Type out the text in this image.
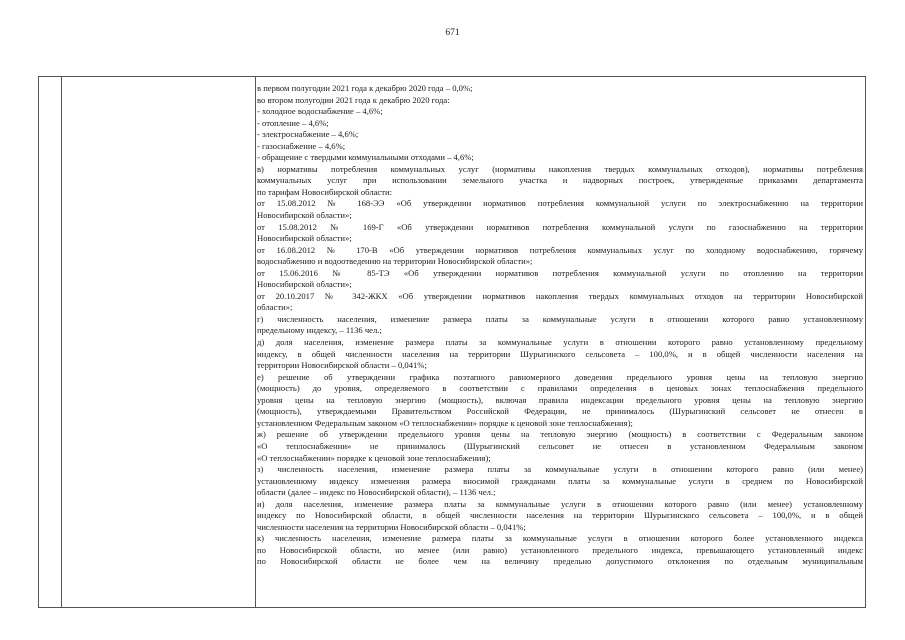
671
в первом полугодии 2021 года к декабрю 2020 года – 0,0%;
во втором полугодии 2021 года к декабрю 2020 года:
- холодное водоснабжение – 4,6%;
- отопление – 4,6%;
- электроснабжение – 4,6%;
- газоснабжение – 4,6%;
- обращение с твердыми коммунальными отходами – 4,6%;
в) нормативы потребления коммунальных услуг (нормативы накопления твердых коммунальных отходов), нормативы потребления
коммунальных услуг при использовании земельного участка и надворных построек, утвержденные приказами департамента
по тарифам Новосибирской области:
от 15.08.2012 № 168-ЭЭ «Об утверждении нормативов потребления коммунальной услуги по электроснабжению на территории
Новосибирской области»;
от 15.08.2012 № 169-Г «Об утверждении нормативов потребления коммунальной услуги по газоснабжению на территории
Новосибирской области»;
от 16.08.2012 № 170-В «Об утверждении нормативов потребления коммунальных услуг по холодному водоснабжению, горячему
водоснабжению и водоотведению на территории Новосибирской области»;
от 15.06.2016 № 85-ТЭ «Об утверждении нормативов потребления коммунальной услуги по отоплению на территории
Новосибирской области»;
от 20.10.2017 № 342-ЖКХ «Об утверждении нормативов накопления твердых коммунальных отходов на территории Новосибирской
области»;
г) численность населения, изменение размера платы за коммунальные услуги в отношении которого равно установленному
предельному индексу, – 1136 чел.;
д) доля населения, изменение размера платы за коммунальные услуги в отношении которого равно установленному предельному
индексу, в общей численности населения на территории Шурыгинского сельсовета – 100,0%, и в общей численности населения на
территории Новосибирской области – 0,041%;
е) решение об утверждении графика поэтапного равномерного доведения предельного уровня цены на тепловую энергию
(мощность) до уровня, определяемого в соответствии с правилами определения в ценовых зонах теплоснабжения предельного
уровня цены на тепловую энергию (мощность), включая правила индексации предельного уровня цены на тепловую энергию
(мощность), утверждаемыми Правительством Российской Федерации, не принималось (Шурыгинский сельсовет не отнесен в
установленном Федеральным законом «О теплоснабжении» порядке к ценовой зоне теплоснабжения);
ж) решение об утверждении предельного уровня цены на тепловую энергию (мощность) в соответствии с Федеральным законом
«О теплоснабжении» не принималось (Шурыгинский сельсовет не отнесен в установленном Федеральным законом
«О теплоснабжении» порядке к ценовой зоне теплоснабжения);
з) численность населения, изменение размера платы за коммунальные услуги в отношении которого равно (или менее)
установленному индексу изменения размера вносимой гражданами платы за коммунальные услуги в среднем по Новосибирской
области (далее – индекс по Новосибирской области), – 1136 чел.;
и) доля населения, изменение размера платы за коммунальные услуги в отношении которого равно (или менее) установленному
индексу по Новосибирской области, в общей численности населения на территории Шурыгинского сельсовета – 100,0%, и в общей
численности населения на территории Новосибирской области – 0,041%;
к) численность населения, изменение размера платы за коммунальные услуги в отношении которого более установленного индекса
по Новосибирской области, но менее (или равно) установленного предельного индекса, превышающего установленный индекс
по Новосибирской области не более чем на величину предельно допустимого отклонения по отдельным муниципальным
